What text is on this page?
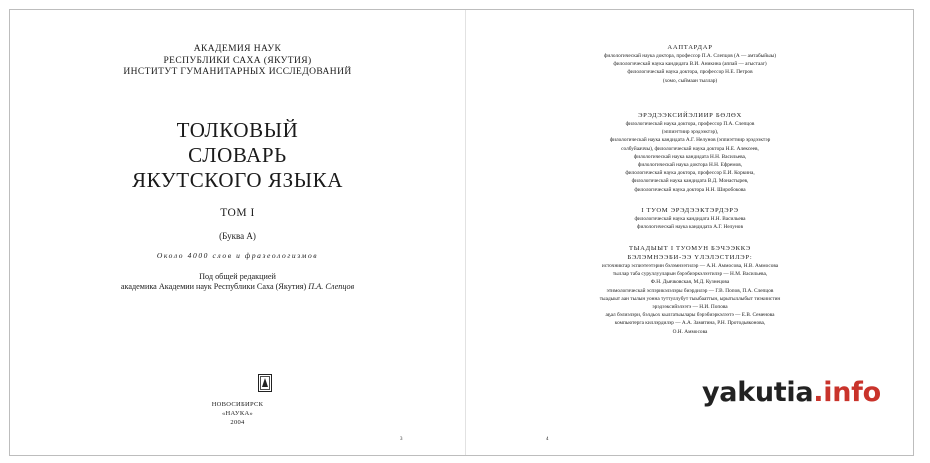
АКАДЕМИЯ НАУК
РЕСПУБЛИКИ САХА (ЯКУТИЯ)
ИНСТИТУТ ГУМАНИТАРНЫХ ИССЛЕДОВАНИЙ
ТОЛКОВЫЙ
СЛОВАРЬ
ЯКУТСКОГО ЯЗЫКА
ТОМ I
(Буква А)
Около 4000 слов и фразеологизмов
Под общей редакцией
академика Академии наук Республики Саха (Якутия) П.А. Слепцов
НОВОСИБИРСК
«НАУКА»
2004
3
ААПТАРДАР
филологическай наука доктора, профессор П.А. Слепцов (А — амтабыйыы)
филологическай наука кандидата В.И. Аникина (аппай — агыстааг)
филологическай наука доктора, профессор Н.Е. Петров
(хомо, сыймаан тыллар)
ЭРЭДЭЭКСИЙЭЛИИР БӨЛӨХ
филологическай наука доктора, профессор П.А. Слепцов
(эппиэттиир эрэдээктэр),
филологическай наука кандидата А.Г. Нелунов (эппиэттиир эрэдээктэр
солбуйааччы), филологическай наука доктора Н.Е. Алексеев,
филологическай наука кандидата Н.Н. Васильева,
филологическай наука доктора Н.Н. Ефремов,
филологическай наука доктора, профессор Е.И. Коркина,
филологическай наука кандидата В.Д. Монастырев,
филологическай наука доктора Н.Н. Широбокова
I ТУОМ ЭРЭДЭЭКТЭРДЭРЭ
филологическай наука кандидата Н.Н. Васильева
филологическай наука кандидата А.Г. Нелунов
ТЫАДЫЫТ I ТУОМУН БЭЧЭЭККЭ
БЭЛЭМНЭЭБИ-ЭЭ ҮЛЭЛЭСТИЛЭР:
источниктар эспиэтеэтэрин бэлэмнээтилэр — А.Н. Аммосова, Н.В. Аммосова
тыллар таба суруллууларын бэрэбиэркэлээтилэр — Н.М. Васильева,
Ф.Н. Дьячковская, М.Д. Кузнецова
этимологическай эспэрикэлэлэры биэрдилэр — Г.В. Попов, П.А. Слепцов
тыадыыт аан тылын уонна туттуллубут тыыбааттын, ырытыллыбыт тиэкиистин
эрэдээксийэлээтэ — Н.И. Попова
аҕал бэлиэлэри, бэлдьох кылгатыылары бэрэбиэркэлээтэ — Е.В. Семенова
компьютерга киллэрдилэр — А.А. Замятина, Р.Н. Протодьяконова,
О.Н. Аммосова
4
yakutia.info
